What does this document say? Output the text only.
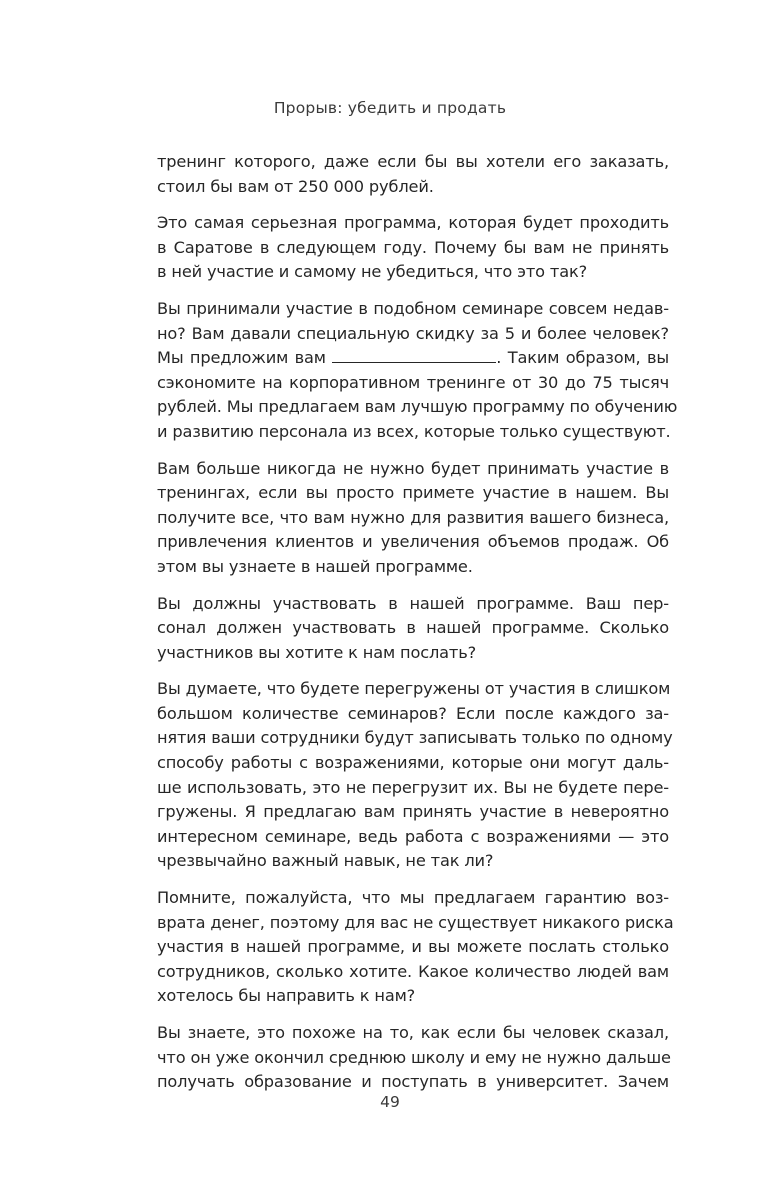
Прорыв: убедить и продать

тренинг которого, даже если бы вы хотели его заказать,
стоил бы вам от 250 000 рублей.

Это самая серьезная программа, которая будет проходить
в Саратове в следующем году. Почему бы вам не принять
в ней участие и самому не убедиться, что это так?

Вы принимали участие в подобном семинаре совсем недав-
но? Вам давали специальную скидку за 5 и более человек?
Мы предложим вам	. Таким образом, вы
сэкономите на корпоративном тренинге от 30 до 75 тысяч
рублей. Мы предлагаем вам лучшую программу по обучению
и развитию персонала из всех, которые только существуют.

Вам больше никогда не нужно будет принимать участие в
тренингах, если вы просто примете участие в нашем. Вы
получите все, что вам нужно для развития вашего бизнеса,
привлечения клиентов и увеличения объемов продаж. Об
этом вы узнаете в нашей программе.

Вы должны участвовать в нашей программе. Ваш пер-
сонал должен участвовать в нашей программе. Сколько
участников вы хотите к нам послать?

Вы думаете, что будете перегружены от участия в слишком
большом количестве семинаров? Если после каждого за-
нятия ваши сотрудники будут записывать только по одному
способу работы с возражениями, которые они могут даль-
ше использовать, это не перегрузит их. Вы не будете пере-
гружены. Я предлагаю вам принять участие в невероятно
интересном семинаре, ведь работа с возражениями — это
чрезвычайно важный навык, не так ли?

Помните, пожалуйста, что мы предлагаем гарантию воз-
врата денег, поэтому для вас не существует никакого риска
участия в нашей программе, и вы можете послать столько
сотрудников, сколько хотите. Какое количество людей вам
хотелось бы направить к нам?

Вы знаете, это похоже на то, как если бы человек сказал,
что он уже окончил среднюю школу и ему не нужно дальше
получать образование и поступать в университет. Зачем

49
